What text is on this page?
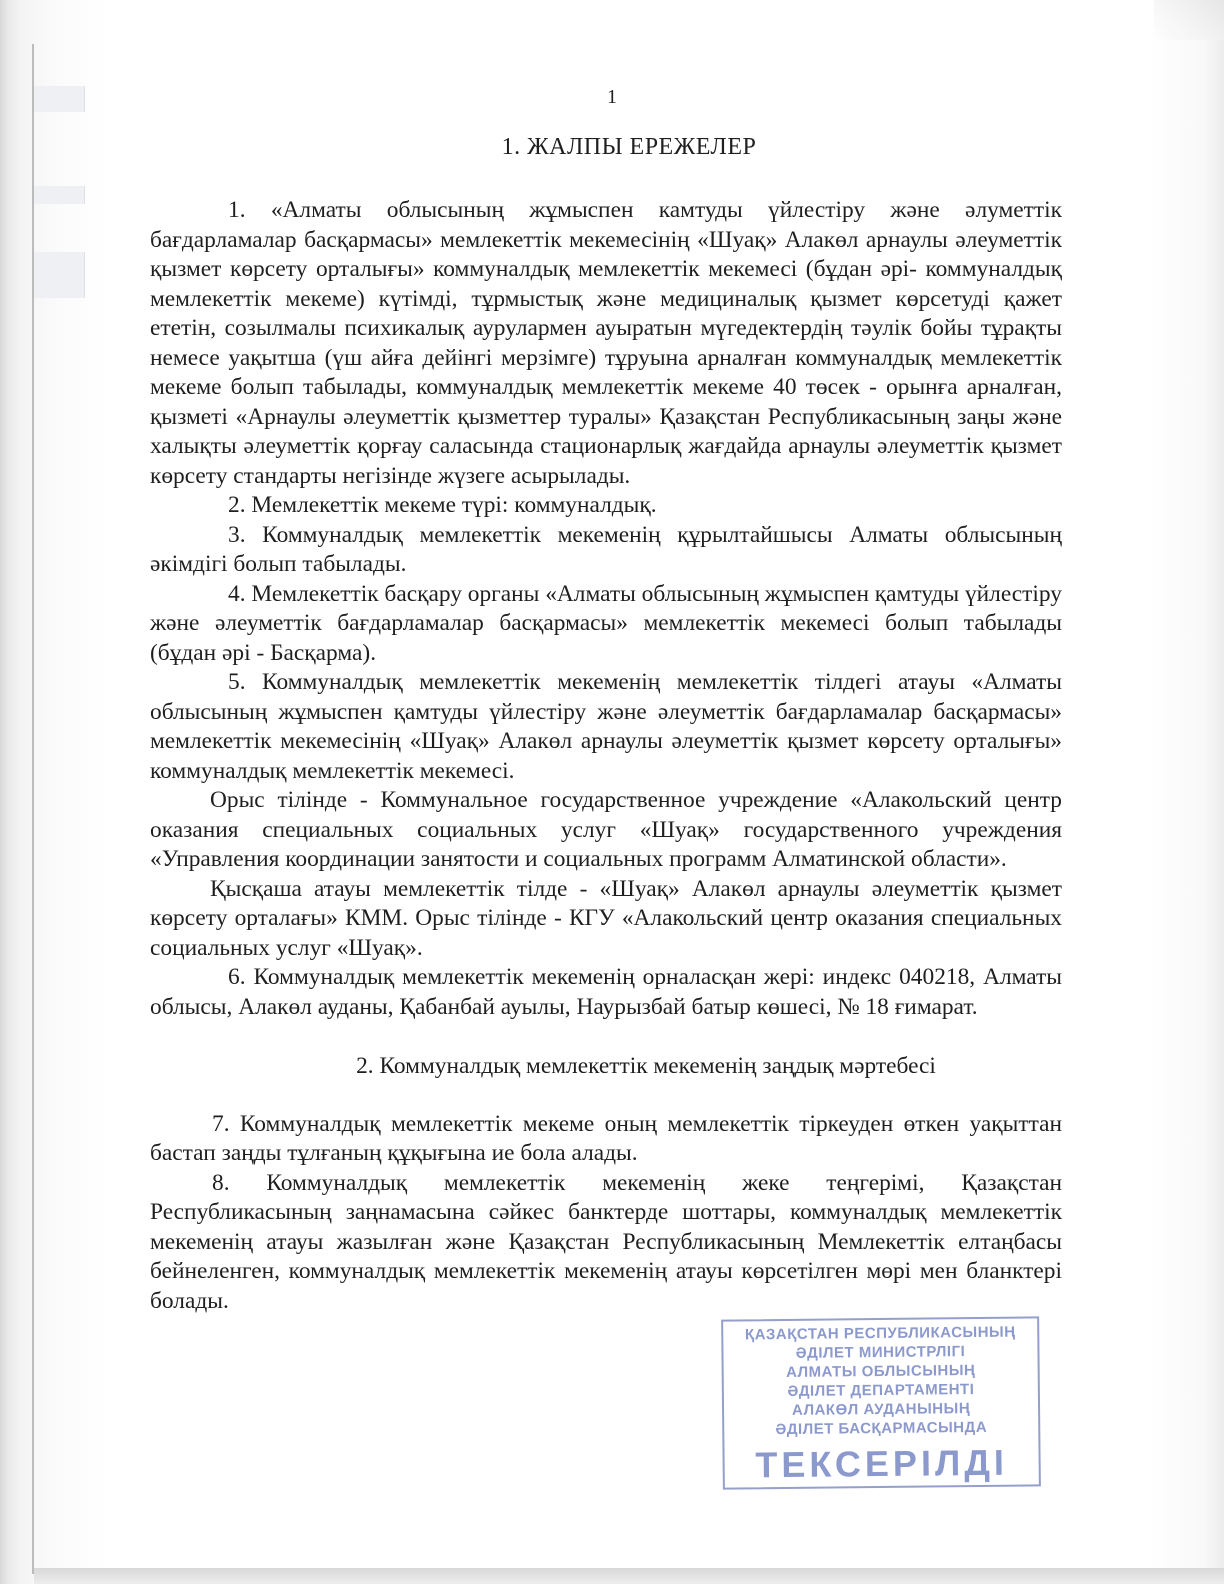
1
1. ЖАЛПЫ ЕРЕЖЕЛЕР

1. «Алматы облысының жұмыспен камтуды үйлестіру және әлуметтік бағдарламалар басқармасы» мемлекеттік мекемесінің «Шуақ» Алакөл арнаулы әлеуметтік қызмет көрсету орталығы» коммуналдық мемлекеттік мекемесі (бұдан әрі- коммуналдық мемлекеттік мекеме) күтімді, тұрмыстық және медициналық қызмет көрсетуді қажет ететін, созылмалы психикалық аурулармен ауыратын мүгедектердің тәулік бойы тұрақты немесе уақытша (үш айға дейінгі мерзімге) тұруына арналған коммуналдық мемлекеттік мекеме болып табылады, коммуналдық мемлекеттік мекеме 40 төсек - орынға арналған, қызметі «Арнаулы әлеуметтік қызметтер туралы» Қазақстан Республикасының заңы және халықты әлеуметтік қорғау саласында стационарлық жағдайда арнаулы әлеуметтік қызмет көрсету стандарты негізінде жүзеге асырылады.

2. Мемлекеттік мекеме түрі: коммуналдық.

3. Коммуналдық мемлекеттік мекеменің құрылтайшысы Алматы облысының әкімдігі болып табылады.

4. Мемлекеттік басқару органы «Алматы облысының жұмыспен қамтуды үйлестіру және әлеуметтік бағдарламалар басқармасы» мемлекеттік мекемесі болып табылады (бұдан әрі - Басқарма).

5. Коммуналдық мемлекеттік мекеменің мемлекеттік тілдегі атауы «Алматы облысының жұмыспен қамтуды үйлестіру және әлеуметтік бағдарламалар басқармасы» мемлекеттік мекемесінің «Шуақ» Алакөл арнаулы әлеуметтік қызмет көрсету орталығы» коммуналдық мемлекеттік мекемесі.

Орыс тілінде - Коммунальное государственное учреждение «Алакольский центр оказания специальных социальных услуг «Шуақ» государственного учреждения «Управления координации занятости и социальных программ Алматинской области».

Қысқаша атауы мемлекеттік тілде - «Шуақ» Алакөл арнаулы әлеуметтік қызмет көрсету орталағы» КММ. Орыс тілінде - КГУ «Алакольский центр оказания специальных социальных услуг «Шуақ».

6. Коммуналдық мемлекеттік мекеменің орналасқан жері: индекс 040218, Алматы облысы, Алакөл ауданы, Қабанбай ауылы, Наурызбай батыр көшесі, № 18 ғимарат.

2. Коммуналдық мемлекеттік мекеменің заңдық мәртебесі

7. Коммуналдық мемлекеттік мекеме оның мемлекеттік тіркеуден өткен уақыттан бастап заңды тұлғаның құқығына ие бола алады.

8. Коммуналдық мемлекеттік мекеменің жеке теңгерімі, Қазақстан Республикасының заңнамасына сәйкес банктерде шоттары, коммуналдық мемлекеттік мекеменің атауы жазылған және Қазақстан Республикасының Мемлекеттік елтаңбасы бейнеленген, коммуналдық мемлекеттік мекеменің атауы көрсетілген мөрі мен бланктері болады.

ҚАЗАҚСТАН РЕСПУБЛИКАСЫНЫҢ
ӘДІЛЕТ МИНИСТРЛІГІ
АЛМАТЫ ОБЛЫСЫНЫҢ
ӘДІЛЕТ ДЕПАРТАМЕНТІ
АЛАКӨЛ АУДАНЫНЫҢ
ӘДІЛЕТ БАСҚАРМАСЫНДА
ТЕКСЕРІЛДІ
